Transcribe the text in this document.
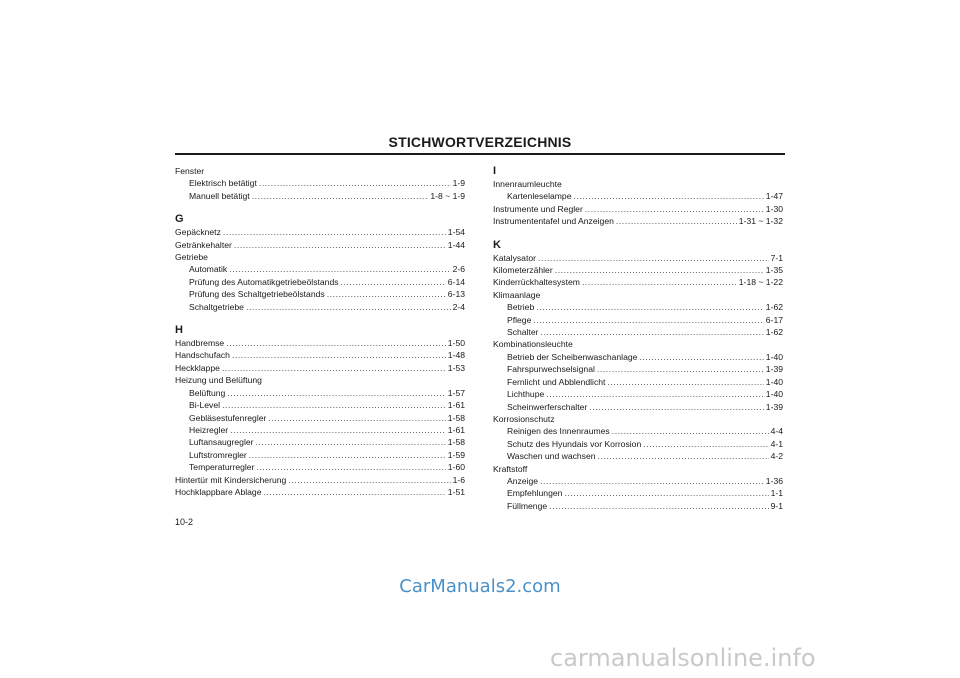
STICHWORTVERZEICHNIS
Fenster
Elektrisch betätigt .....	1-9
Manuell betätigt .....	1-8 ~ 1-9
G
Gepäcknetz .....	1-54
Getränkehalter .....	1-44
Getriebe
Automatik .....	2-6
Prüfung des Automatikgetriebeölstands .....	6-14
Prüfung des Schaltgetriebeölstands .....	6-13
Schaltgetriebe .....	2-4
H
Handbremse .....	1-50
Handschufach .....	1-48
Heckklappe .....	1-53
Heizung und Belüftung
Belüftung .....	1-57
Bi-Level .....	1-61
Gebläsestufenregler .....	1-58
Heizregler .....	1-61
Luftansaugregler .....	1-58
Luftstromregler .....	1-59
Temperaturregler .....	1-60
Hintertür mit Kindersicherung .....	1-6
Hochklappbare Ablage .....	1-51
I
Innenraumleuchte
Kartenleselampe .....	1-47
Instrumente und Regler .....	1-30
Instrumententafel und Anzeigen .....	1-31 ~ 1-32
K
Katalysator .....	7-1
Kilometerzähler .....	1-35
Kinderrückhaltesystem .....	1-18 ~ 1-22
Klimaanlage
Betrieb .....	1-62
Pflege .....	6-17
Schalter .....	1-62
Kombinationsleuchte
Betrieb der Scheibenwaschanlage .....	1-40
Fahrspurwechselsignal .....	1-39
Fernlicht und Abblendlicht .....	1-40
Lichthupe .....	1-40
Scheinwerferschalter .....	1-39
Korrosionschutz
Reinigen des Innenraumes .....	4-4
Schutz des Hyundais vor Korrosion .....	4-1
Waschen und wachsen .....	4-2
Kraftstoff
Anzeige .....	1-36
Empfehlungen .....	1-1
Füllmenge .....	9-1
10-2
CarManuals2.com
carmanualsonline.info
